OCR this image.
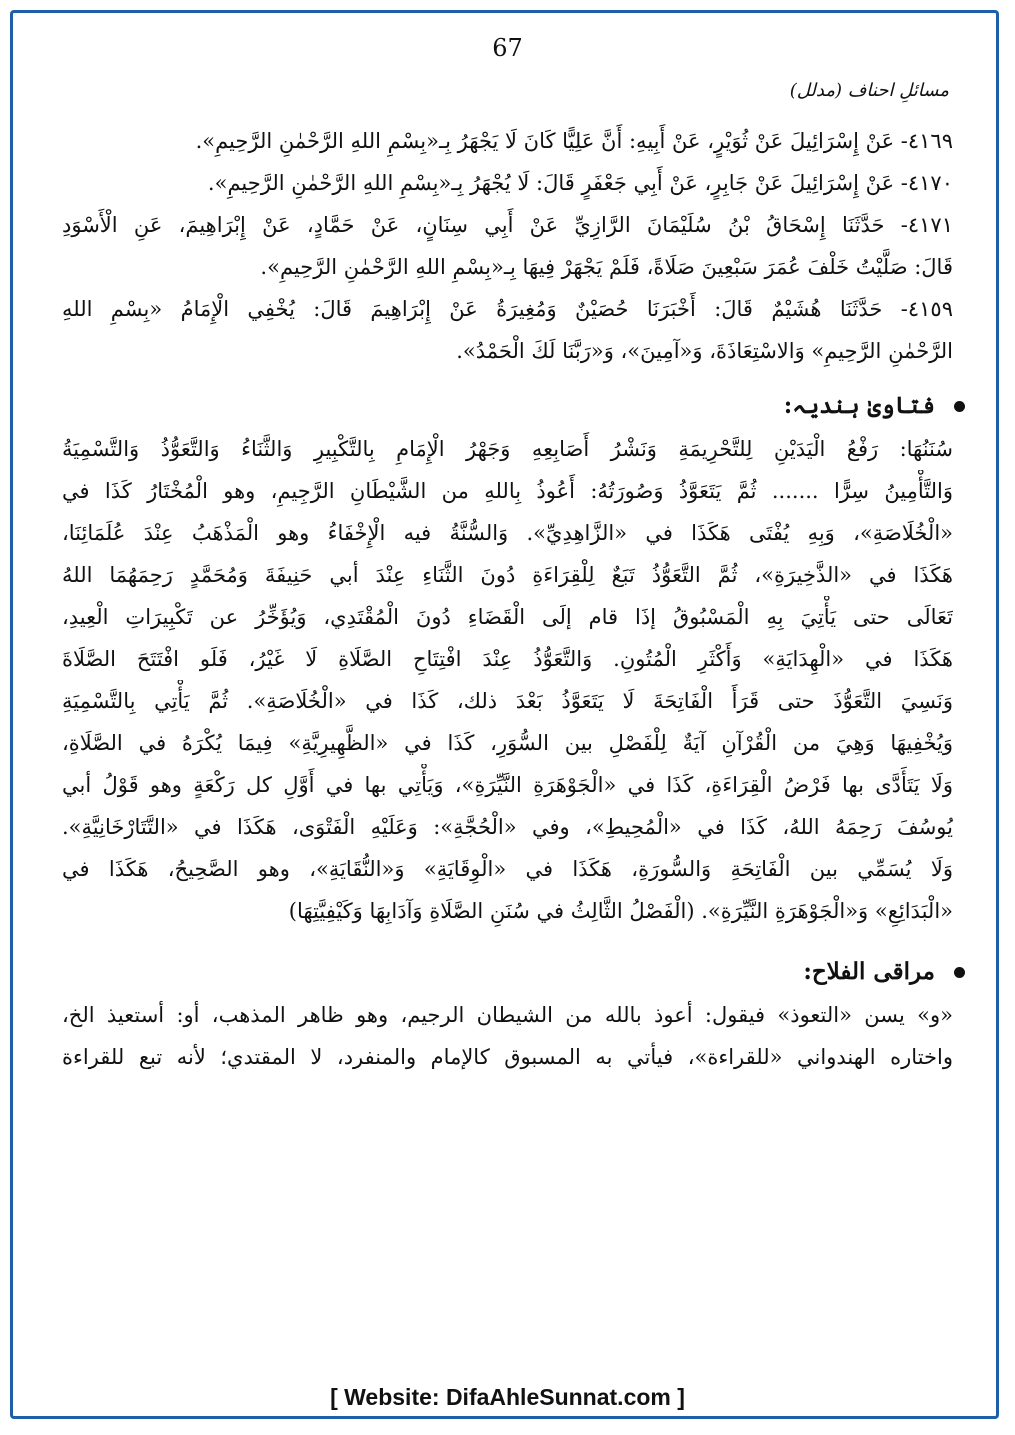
67
مسائلِ احناف (مدلل)
٤١٦٩- عَنْ إِسْرَائِيلَ عَنْ ثُوَيْرٍ، عَنْ أَبِيهِ: أَنَّ عَلِيًّا كَانَ لَا يَجْهَرُ بِـ«بِسْمِ اللهِ الرَّحْمٰنِ الرَّحِيمِ».
٤١٧٠- عَنْ إِسْرَائِيلَ عَنْ جَابِرٍ، عَنْ أَبِي جَعْفَرٍ قَالَ: لَا يُجْهَرُ بِـ«بِسْمِ اللهِ الرَّحْمٰنِ الرَّحِيمِ».
٤١٧١- حَدَّثَنَا إِسْحَاقُ بْنُ سُلَيْمَانَ الرَّازِيِّ عَنْ أَبِي سِنَانٍ، عَنْ حَمَّادٍ، عَنْ إِبْرَاهِيمَ، عَنِ الْأَسْوَدِ
قَالَ: صَلَّيْتُ خَلْفَ عُمَرَ سَبْعِينَ صَلَاةً، فَلَمْ يَجْهَرْ فِيهَا بِـ«بِسْمِ اللهِ الرَّحْمٰنِ الرَّحِيمِ».
٤١٥٩- حَدَّثَنَا هُشَيْمٌ قَالَ: أَخْبَرَنَا حُصَيْنٌ وَمُغِيرَةُ عَنْ إِبْرَاهِيمَ قَالَ: يُخْفِي الْإِمَامُ «بِسْمِ اللهِ
الرَّحْمٰنِ الرَّحِيمِ» وَالاسْتِعَاذَةَ، وَ«آمِينَ»، وَ«رَبَّنَا لَكَ الْحَمْدُ».
فتاویٰ ہندیہ:
سُنَنُهَا: رَفْعُ الْيَدَيْنِ لِلتَّحْرِيمَةِ وَنَشْرُ أَصَابِعِهِ وَجَهْرُ الْإِمَامِ بِالتَّكْبِيرِ وَالثَّنَاءُ وَالتَّعَوُّذُ وَالتَّسْمِيَةُ
وَالتَّأْمِينُ سِرًّا ....... ثُمَّ يَتَعَوَّذُ وَصُورَتُهُ: أَعُوذُ بِاللهِ من الشَّيْطَانِ الرَّجِيمِ، وهو الْمُخْتَارُ كَذَا في
«الْخُلَاصَةِ»، وَبِهِ يُفْتَى هَكَذَا في «الزَّاهِدِيِّ». وَالسُّنَّةُ فيه الْإِخْفَاءُ وهو الْمَذْهَبُ عِنْدَ عُلَمَائِنَا،
هَكَذَا في «الذَّخِيرَةِ»، ثُمَّ التَّعَوُّذُ تَبَعٌ لِلْقِرَاءَةِ دُونَ الثَّنَاءِ عِنْدَ أبي حَنِيفَةَ وَمُحَمَّدٍ رَحِمَهُمَا اللهُ
تَعَالَى حتى يَأْتِيَ بِهِ الْمَسْبُوقُ إذَا قام إلَى الْقَضَاءِ دُونَ الْمُقْتَدِي، وَيُؤَخِّرُ عن تَكْبِيرَاتِ الْعِيدِ،
هَكَذَا في «الْهِدَايَةِ» وَأَكْثَرِ الْمُتُونِ. وَالتَّعَوُّذُ عِنْدَ افْتِتَاحِ الصَّلَاةِ لَا غَيْرُ، فَلَو افْتَتَحَ الصَّلَاةَ
وَنَسِيَ التَّعَوُّذَ حتى قَرَأَ الْفَاتِحَةَ لَا يَتَعَوَّذُ بَعْدَ ذلك، كَذَا في «الْخُلَاصَةِ». ثُمَّ يَأْتِي بِالتَّسْمِيَةِ
وَيُخْفِيهَا وَهِيَ من الْقُرْآنِ آيَةٌ لِلْفَصْلِ بين السُّوَرِ، كَذَا في «الظَّهِيرِيَّةِ» فِيمَا يُكْرَهُ في الصَّلَاةِ،
وَلَا يَتَأَدَّى بها فَرْضُ الْقِرَاءَةِ، كَذَا في «الْجَوْهَرَةِ النَّيِّرَةِ»، وَيَأْتِي بها في أَوَّلِ كل رَكْعَةٍ وهو قَوْلُ أبي
يُوسُفَ رَحِمَهُ اللهُ، كَذَا في «الْمُحِيطِ»، وفي «الْحُجَّةِ»: وَعَلَيْهِ الْفَتْوَى، هَكَذَا في «التَّتَارْخَانِيَّةِ».
وَلَا يُسَمِّي بين الْفَاتِحَةِ وَالسُّورَةِ، هَكَذَا في «الْوِقَايَةِ» وَ«النُّقَايَةِ»، وهو الصَّحِيحُ، هَكَذَا في
«الْبَدَائِعِ» وَ«الْجَوْهَرَةِ النَّيِّرَةِ». (الْفَصْلُ الثَّالِثُ في سُنَنِ الصَّلَاةِ وَآدَابِهَا وَكَيْفِيَّتِهَا)
مراقی الفلاح:
«و» يسن «التعوذ» فيقول: أعوذ بالله من الشيطان الرجيم، وهو ظاهر المذهب، أو: أستعيذ الخ،
واختاره الهندواني «للقراءة»، فيأتي به المسبوق كالإمام والمنفرد، لا المقتدي؛ لأنه تبع للقراءة
[ Website: DifaAhleSunnat.com ]
